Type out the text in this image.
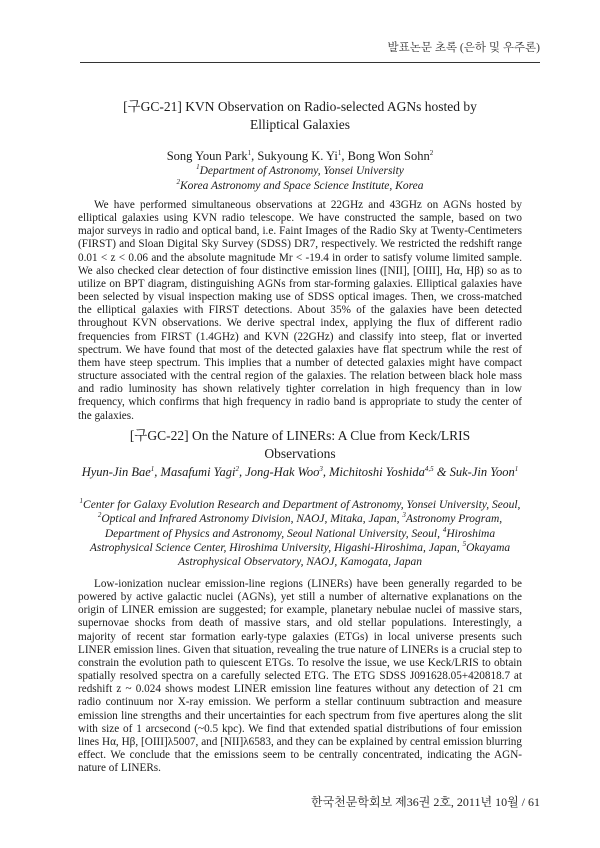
발표논문 초록 (은하 및 우주론)
[구GC-21] KVN Observation on Radio-selected AGNs hosted by
Elliptical Galaxies
Song Youn Park$^1$, Sukyoung K. Yi$^1$, Bong Won Sohn$^2$
$^1$Department of Astronomy, Yonsei University
$^2$Korea Astronomy and Space Science Institute, Korea
We have performed simultaneous observations at 22GHz and 43GHz on AGNs hosted by elliptical galaxies using KVN radio telescope. We have constructed the sample, based on two major surveys in radio and optical band, i.e. Faint Images of the Radio Sky at Twenty-Centimeters (FIRST) and Sloan Digital Sky Survey (SDSS) DR7, respectively. We restricted the redshift range 0.01 < z < 0.06 and the absolute magnitude Mr < -19.4 in order to satisfy volume limited sample. We also checked clear detection of four distinctive emission lines ([NII], [OIII], Hα, Hβ) so as to utilize on BPT diagram, distinguishing AGNs from star-forming galaxies. Elliptical galaxies have been selected by visual inspection making use of SDSS optical images. Then, we cross-matched the elliptical galaxies with FIRST detections. About 35% of the galaxies have been detected throughout KVN observations. We derive spectral index, applying the flux of different radio frequencies from FIRST (1.4GHz) and KVN (22GHz) and classify into steep, flat or inverted spectrum. We have found that most of the detected galaxies have flat spectrum while the rest of them have steep spectrum. This implies that a number of detected galaxies might have compact structure associated with the central region of the galaxies. The relation between black hole mass and radio luminosity has shown relatively tighter correlation in high frequency than in low frequency, which confirms that high frequency in radio band is appropriate to study the center of the galaxies.
[구GC-22] On the Nature of LINERs: A Clue from Keck/LRIS
Observations
Hyun-Jin Bae$^1$, Masafumi Yagi$^2$, Jong-Hak Woo$^3$, Michitoshi Yoshida$^{4,5}$ & Suk-Jin Yoon$^1$
$^1$Center for Galaxy Evolution Research and Department of Astronomy, Yonsei University, Seoul, $^2$Optical and Infrared Astronomy Division, NAOJ, Mitaka, Japan, $^3$Astronomy Program, Department of Physics and Astronomy, Seoul National University, Seoul, $^4$Hiroshima Astrophysical Science Center, Hiroshima University, Higashi-Hiroshima, Japan, $^5$Okayama Astrophysical Observatory, NAOJ, Kamogata, Japan
Low-ionization nuclear emission-line regions (LINERs) have been generally regarded to be powered by active galactic nuclei (AGNs), yet still a number of alternative explanations on the origin of LINER emission are suggested; for example, planetary nebulae nuclei of massive stars, supernovae shocks from death of massive stars, and old stellar populations. Interestingly, a majority of recent star formation early-type galaxies (ETGs) in local universe presents such LINER emission lines. Given that situation, revealing the true nature of LINERs is a crucial step to constrain the evolution path to quiescent ETGs. To resolve the issue, we use Keck/LRIS to obtain spatially resolved spectra on a carefully selected ETG. The ETG SDSS J091628.05+420818.7 at redshift z ~ 0.024 shows modest LINER emission line features without any detection of 21 cm radio continuum nor X-ray emission. We perform a stellar continuum subtraction and measure emission line strengths and their uncertainties for each spectrum from five apertures along the slit with size of 1 arcsecond (~0.5 kpc). We find that extended spatial distributions of four emission lines Hα, Hβ, [OIII]λ5007, and [NII]λ6583, and they can be explained by central emission blurring effect. We conclude that the emissions seem to be centrally concentrated, indicating the AGN-nature of LINERs.
한국천문학회보 제36권 2호, 2011년 10월 / 61
